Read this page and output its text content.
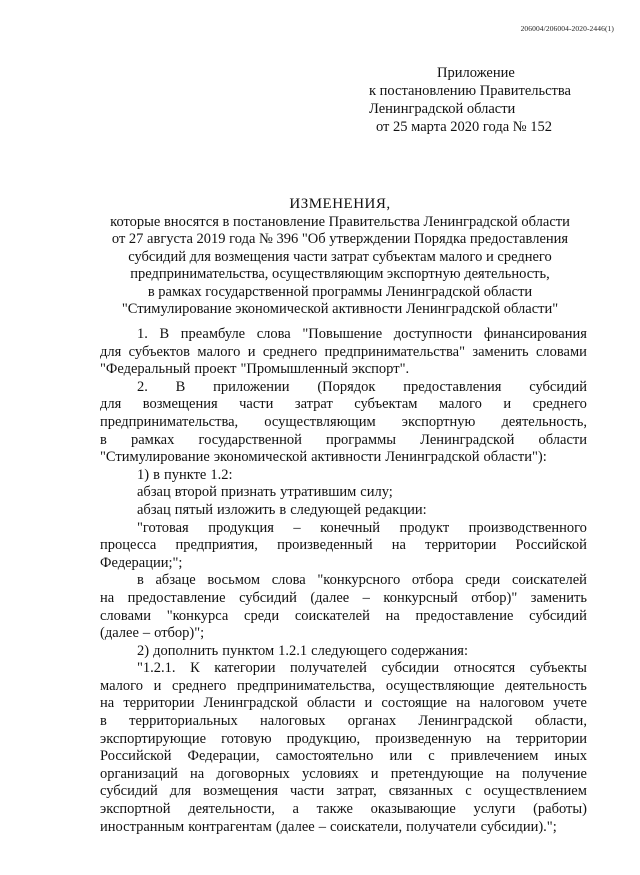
206004/206004-2020-2446(1)
Приложение
к постановлению Правительства
Ленинградской области
от 25 марта 2020 года № 152
ИЗМЕНЕНИЯ,
которые вносятся в постановление Правительства Ленинградской области
от 27 августа 2019 года № 396 "Об утверждении Порядка предоставления
субсидий для возмещения части затрат субъектам малого и среднего
предпринимательства, осуществляющим экспортную деятельность,
в рамках государственной программы Ленинградской области
"Стимулирование экономической активности Ленинградской области"
1. В преамбуле слова "Повышение доступности финансирования
для субъектов малого и среднего предпринимательства" заменить словами
"Федеральный проект "Промышленный экспорт".
2. В приложении (Порядок предоставления субсидий
для возмещения части затрат субъектам малого и среднего
предпринимательства, осуществляющим экспортную деятельность,
в рамках государственной программы Ленинградской области
"Стимулирование экономической активности Ленинградской области"):
1) в пункте 1.2:
абзац второй признать утратившим силу;
абзац пятый изложить в следующей редакции:
"готовая продукция – конечный продукт производственного
процесса предприятия, произведенный на территории Российской
Федерации;";
в абзаце восьмом слова "конкурсного отбора среди соискателей
на предоставление субсидий (далее – конкурсный отбор)" заменить
словами "конкурса среди соискателей на предоставление субсидий
(далее – отбор)";
2) дополнить пунктом 1.2.1 следующего содержания:
"1.2.1. К категории получателей субсидии относятся субъекты
малого и среднего предпринимательства, осуществляющие деятельность
на территории Ленинградской области и состоящие на налоговом учете
в территориальных налоговых органах Ленинградской области,
экспортирующие готовую продукцию, произведенную на территории
Российской Федерации, самостоятельно или с привлечением иных
организаций на договорных условиях и претендующие на получение
субсидий для возмещения части затрат, связанных с осуществлением
экспортной деятельности, а также оказывающие услуги (работы)
иностранным контрагентам (далее – соискатели, получатели субсидии).";
